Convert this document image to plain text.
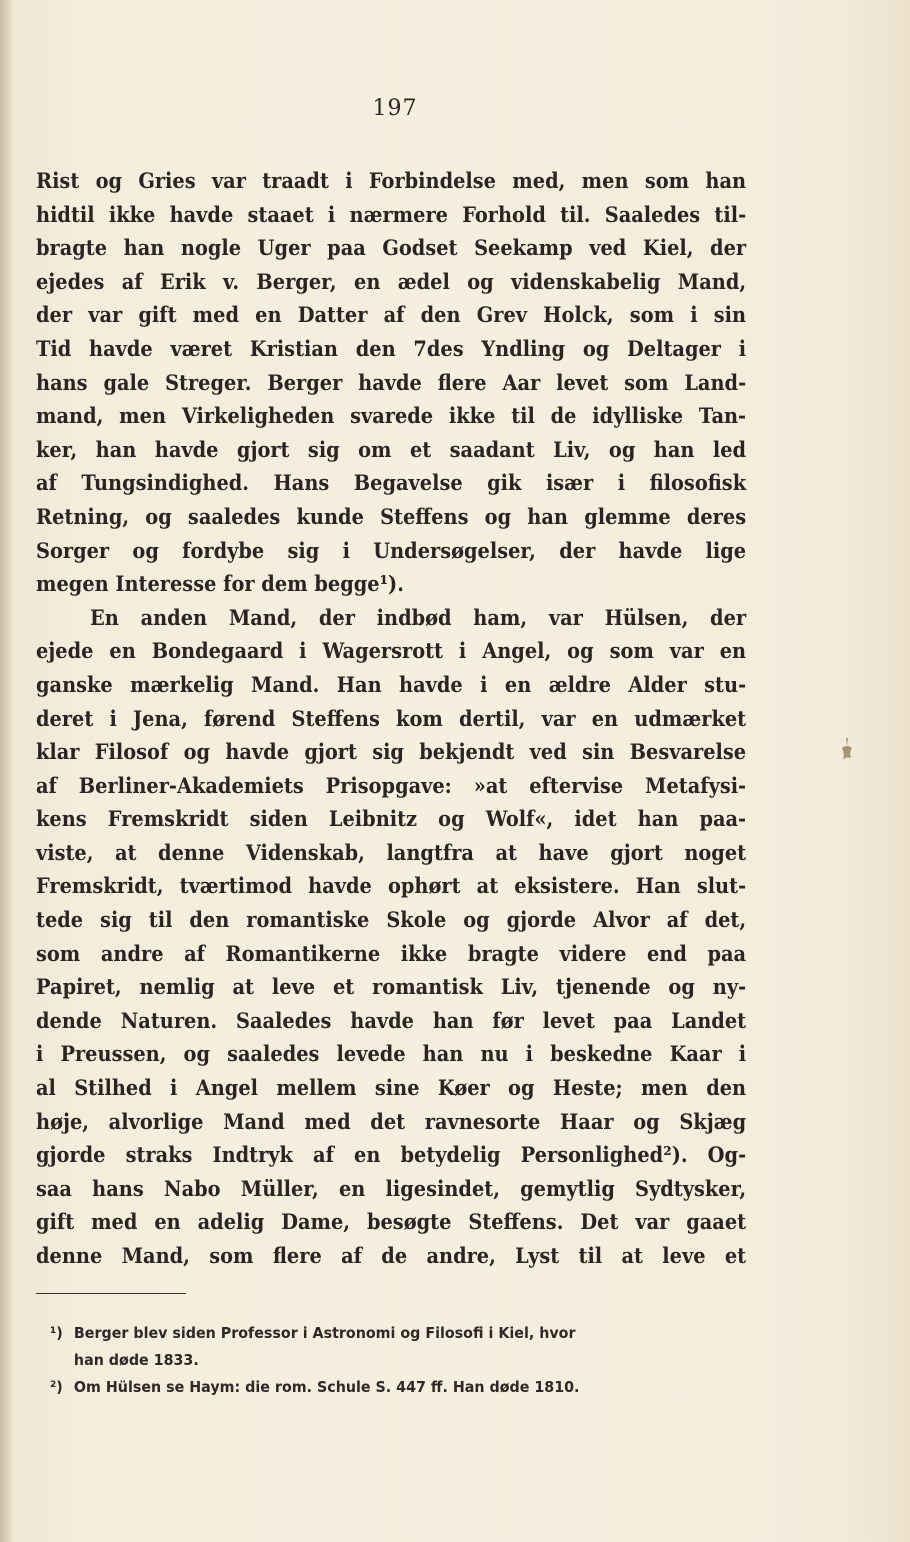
197
Rist og Gries var traadt i Forbindelse med, men som han
hidtil ikke havde staaet i nærmere Forhold til. Saaledes til-
bragte han nogle Uger paa Godset Seekamp ved Kiel, der
ejedes af Erik v. Berger, en ædel og videnskabelig Mand,
der var gift med en Datter af den Grev Holck, som i sin
Tid havde været Kristian den 7des Yndling og Deltager i
hans gale Streger. Berger havde flere Aar levet som Land-
mand, men Virkeligheden svarede ikke til de idylliske Tan-
ker, han havde gjort sig om et saadant Liv, og han led
af Tungsindighed. Hans Begavelse gik især i filosofisk
Retning, og saaledes kunde Steffens og han glemme deres
Sorger og fordybe sig i Undersøgelser, der havde lige
megen Interesse for dem begge¹).
En anden Mand, der indbød ham, var Hülsen, der
ejede en Bondegaard i Wagersrott i Angel, og som var en
ganske mærkelig Mand. Han havde i en ældre Alder stu-
deret i Jena, førend Steffens kom dertil, var en udmærket
klar Filosof og havde gjort sig bekjendt ved sin Besvarelse
af Berliner-Akademiets Prisopgave: »at eftervise Metafysi-
kens Fremskridt siden Leibnitz og Wolf«, idet han paa-
viste, at denne Videnskab, langtfra at have gjort noget
Fremskridt, tværtimod havde ophørt at eksistere. Han slut-
tede sig til den romantiske Skole og gjorde Alvor af det,
som andre af Romantikerne ikke bragte videre end paa
Papiret, nemlig at leve et romantisk Liv, tjenende og ny-
dende Naturen. Saaledes havde han før levet paa Landet
i Preussen, og saaledes levede han nu i beskedne Kaar i
al Stilhed i Angel mellem sine Køer og Heste; men den
høje, alvorlige Mand med det ravnesorte Haar og Skjæg
gjorde straks Indtryk af en betydelig Personlighed²). Og-
saa hans Nabo Müller, en ligesindet, gemytlig Sydtysker,
gift med en adelig Dame, besøgte Steffens. Det var gaaet
denne Mand, som flere af de andre, Lyst til at leve et
¹) Berger blev siden Professor i Astronomi og Filosofi i Kiel, hvor
han døde 1833.
²) Om Hülsen se Haym: die rom. Schule S. 447 ff. Han døde 1810.
